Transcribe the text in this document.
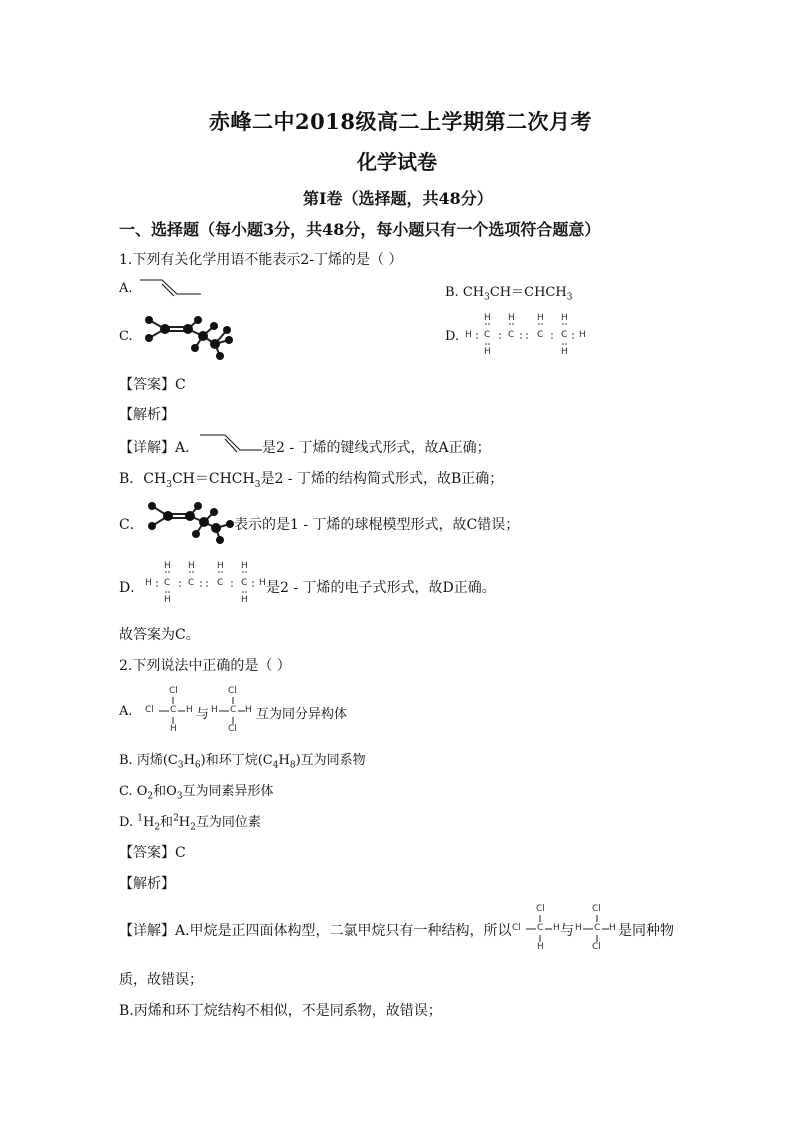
赤峰二中2018级高二上学期第二次月考
化学试卷
第Ⅰ卷（选择题，共48分）
一、选择题（每小题3分，共48分，每小题只有一个选项符合题意）
1.下列有关化学用语不能表示2-丁烯的是（ ）
A.	B. $CH_3CH=CHCH_3$
C.	D.
H H H H
H C C	C C H
H	H
【答案】C
【解析】
【详解】A．	是2 - 丁烯的键线式形式，故A正确；
B．$CH_3CH=CHCH_3$是2 - 丁烯的结构简式形式，故B正确；
C．	表示的是1 - 丁烯的球棍模型形式，故C错误；
D．
H H H H
H C C	C C H
H	H
是2 - 丁烯的电子式形式，故D正确。
故答案为C。
2.下列说法中正确的是（ ）
A.
Cl
Cl C H
H
与
Cl
H C H
Cl
互为同分异构体
B. 丙烯$(C_3H_6)$和环丁烷$(C_4H_8)$互为同系物
C. $O_2$和$O_3$互为同素异形体
D. $^1H_2$和$^2H_2$互为同位素
【答案】C
【解析】
【详解】A.甲烷是正四面体构型，二氯甲烷只有一种结构，所以
Cl
Cl C H
H
与
Cl
H C H
Cl
是同种物
质，故错误；
B.丙烯和环丁烷结构不相似，不是同系物，故错误；
